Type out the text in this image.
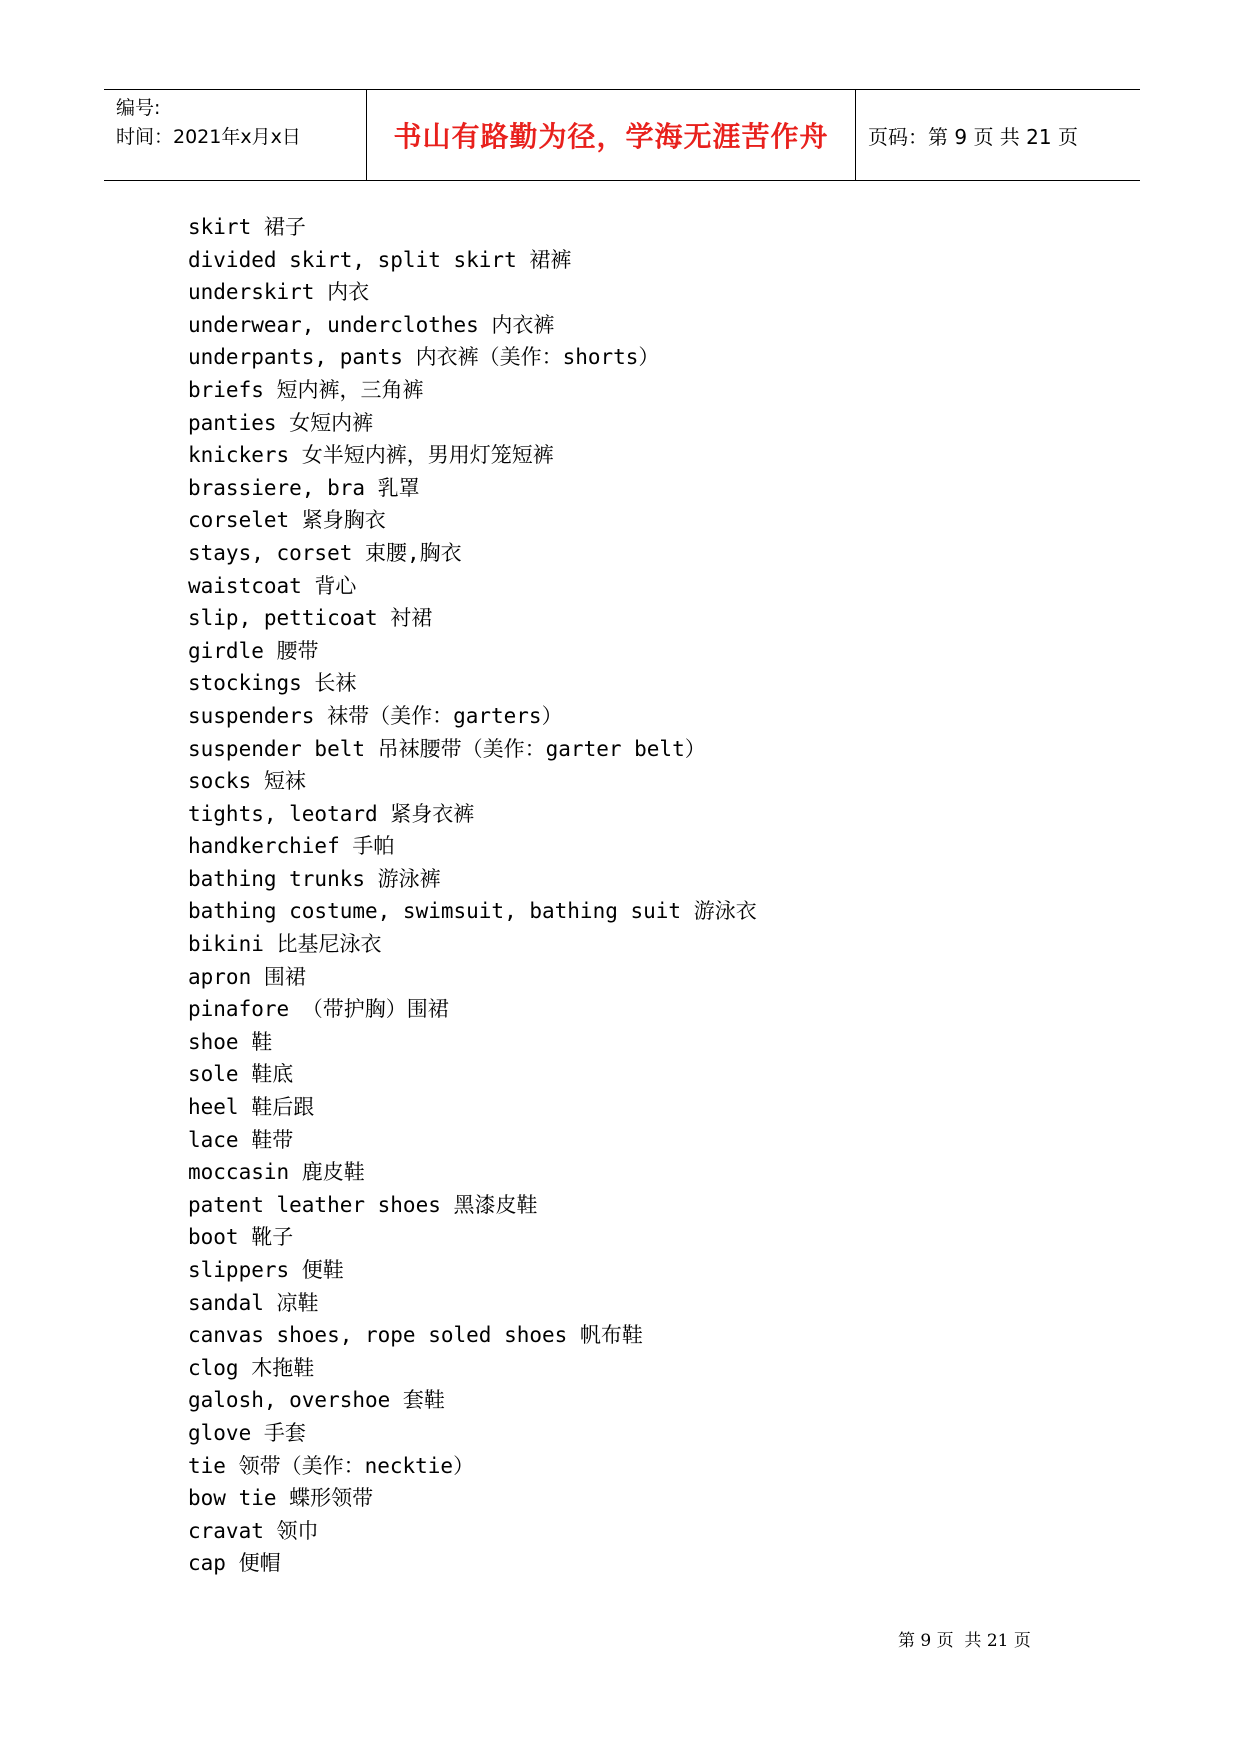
编号:
时间：2021年x月x日	书山有路勤为径，学海无涯苦作舟 页码：第 9 页 共 21 页
skirt 裙子
divided skirt, split skirt 裙裤
underskirt 内衣
underwear, underclothes 内衣裤
underpants, pants 内衣裤（美作：shorts）
briefs 短内裤，三角裤
panties 女短内裤
knickers 女半短内裤，男用灯笼短裤
brassiere, bra 乳罩
corselet 紧身胸衣
stays, corset 束腰,胸衣
waistcoat 背心
slip, petticoat 衬裙
girdle 腰带
stockings 长袜
suspenders 袜带（美作：garters）
suspender belt 吊袜腰带（美作：garter belt）
socks 短袜
tights, leotard 紧身衣裤
handkerchief 手帕
bathing trunks 游泳裤
bathing costume, swimsuit, bathing suit 游泳衣
bikini 比基尼泳衣
apron 围裙
pinafore （带护胸）围裙
shoe 鞋
sole 鞋底
heel 鞋后跟
lace 鞋带
moccasin 鹿皮鞋
patent leather shoes 黑漆皮鞋
boot 靴子
slippers 便鞋
sandal 凉鞋
canvas shoes, rope soled shoes 帆布鞋
clog 木拖鞋
galosh, overshoe 套鞋
glove 手套
tie 领带（美作：necktie）
bow tie 蝶形领带
cravat 领巾
cap 便帽
第 9 页  共 21 页
